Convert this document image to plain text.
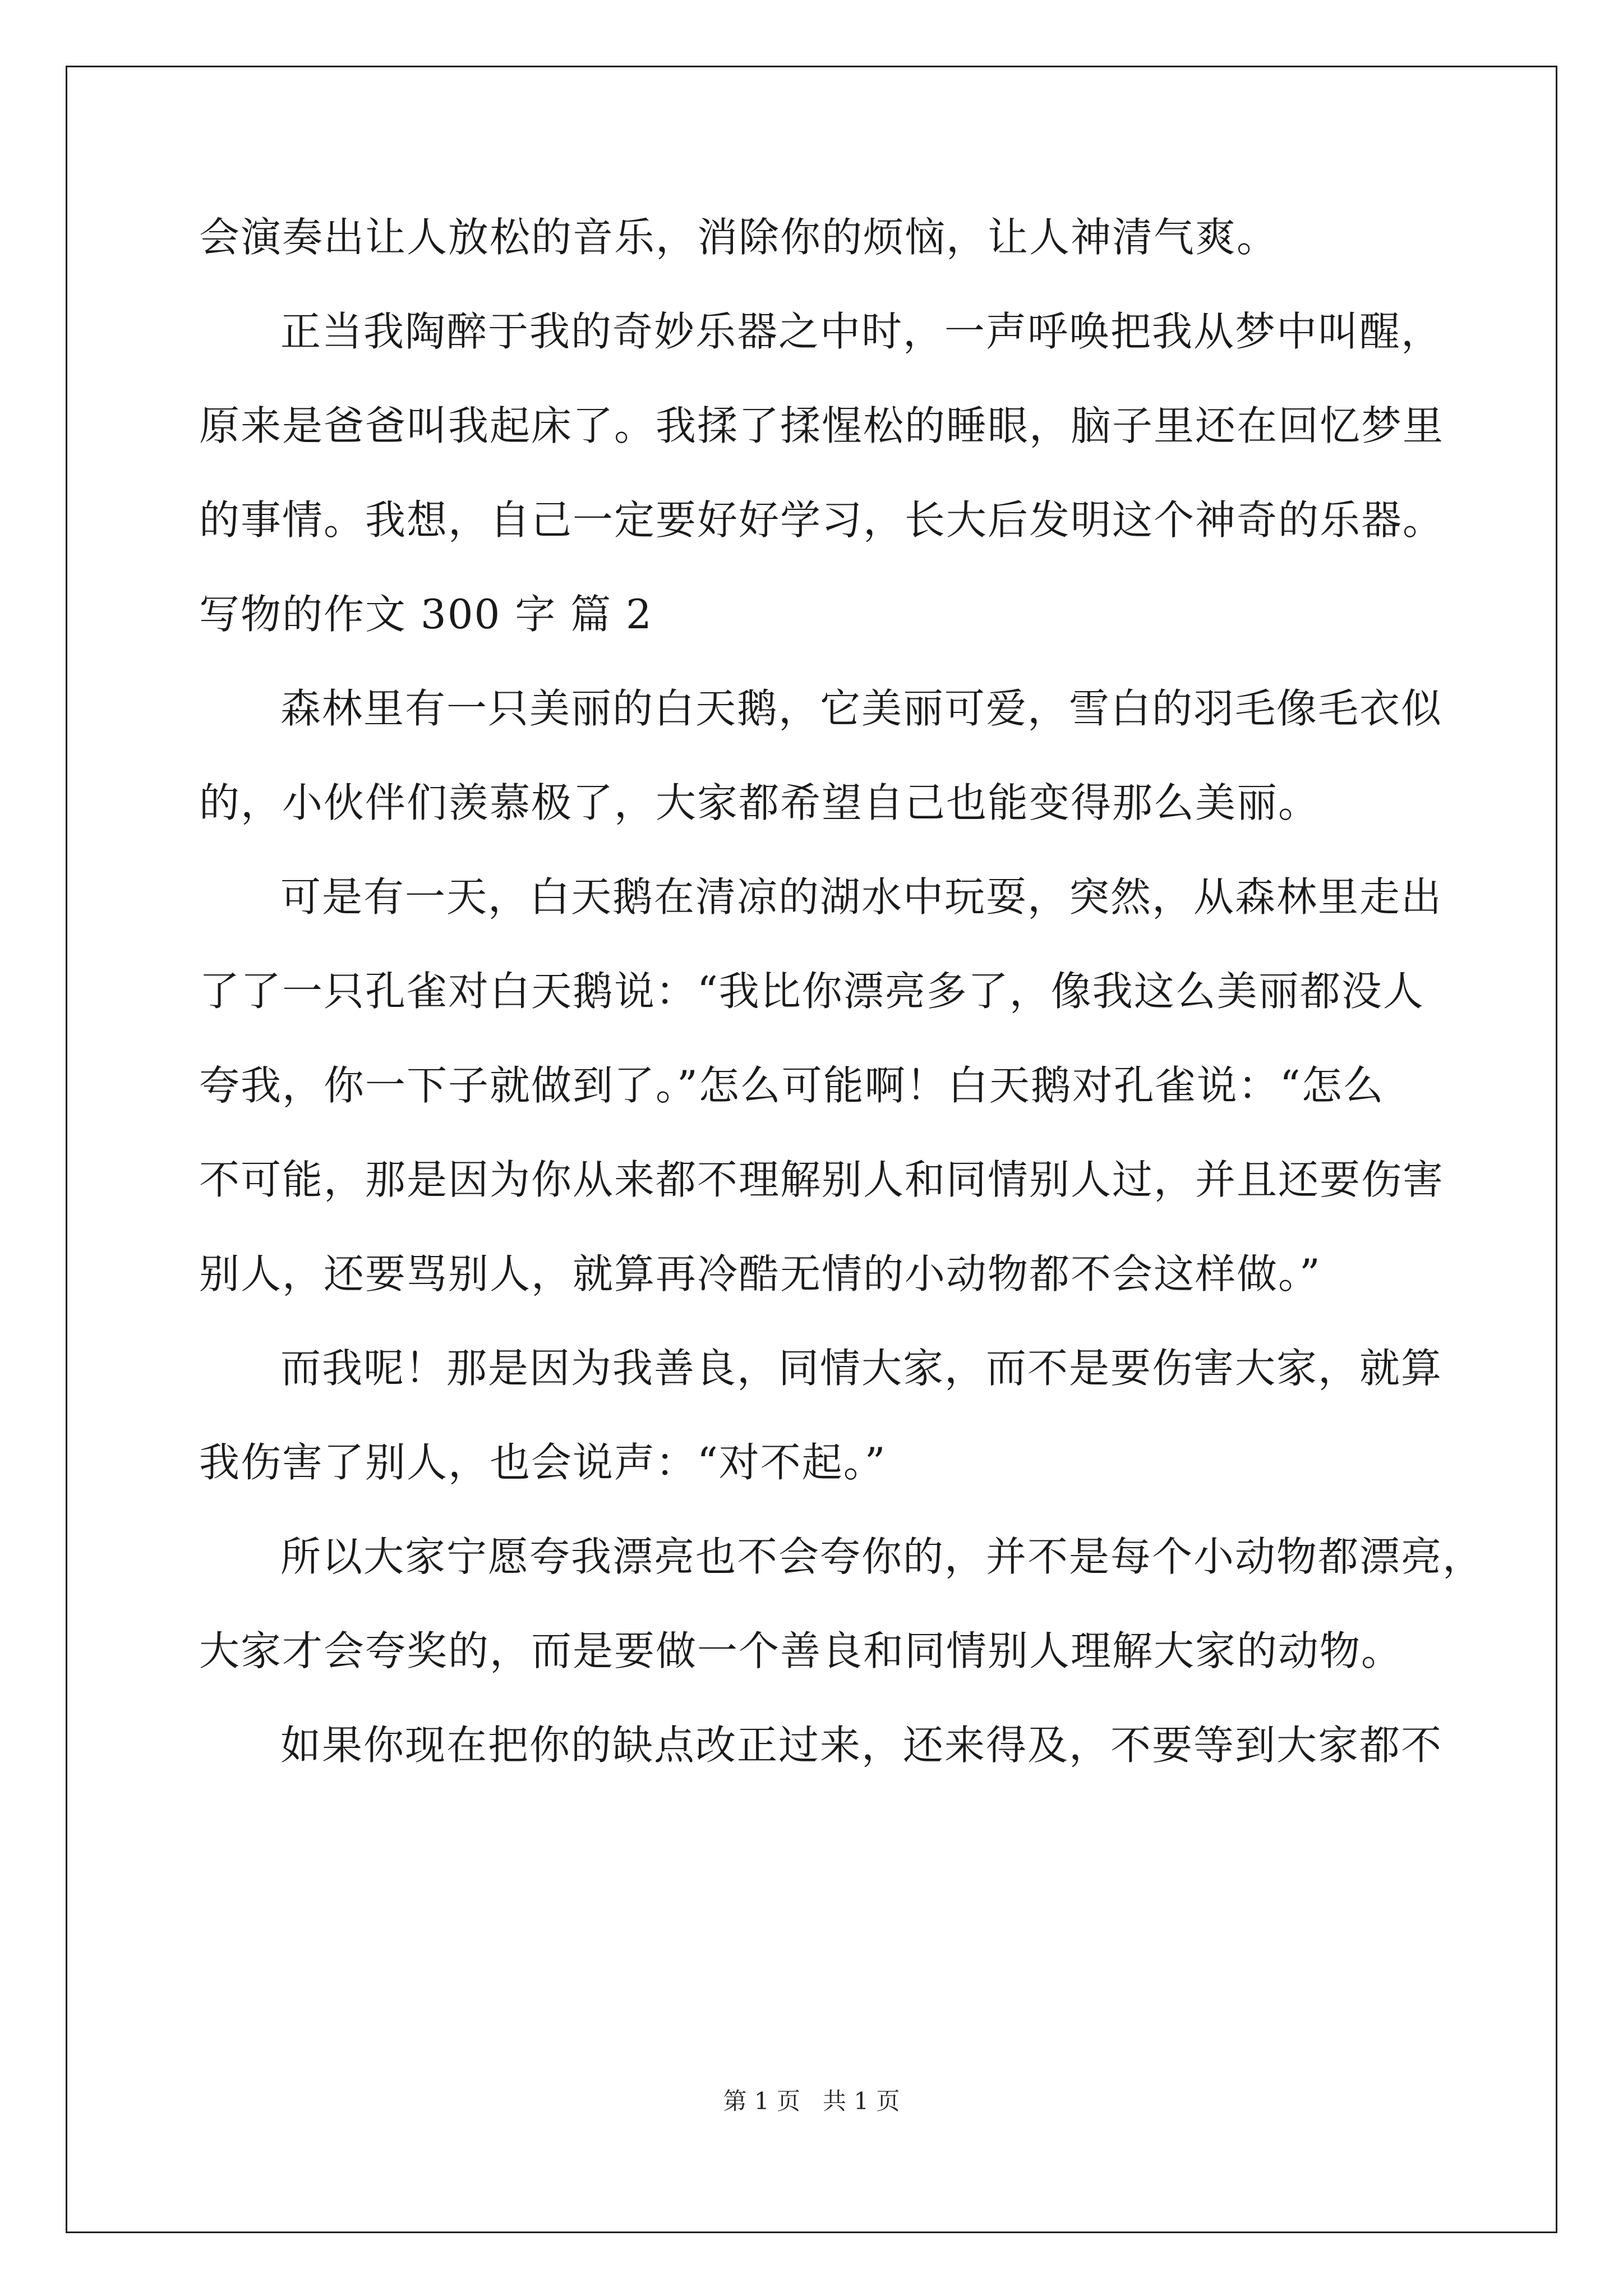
会演奏出让人放松的音乐，消除你的烦恼，让人神清气爽。
正当我陶醉于我的奇妙乐器之中时，一声呼唤把我从梦中叫醒，
原来是爸爸叫我起床了。我揉了揉惺松的睡眼，脑子里还在回忆梦里
的事情。我想，自己一定要好好学习，长大后发明这个神奇的乐器。
写物的作文 300 字 篇 2
森林里有一只美丽的白天鹅，它美丽可爱，雪白的羽毛像毛衣似
的，小伙伴们羡慕极了，大家都希望自己也能变得那么美丽。
可是有一天，白天鹅在清凉的湖水中玩耍，突然，从森林里走出
了了一只孔雀对白天鹅说：“我比你漂亮多了，像我这么美丽都没人
夸我，你一下子就做到了。”怎么可能啊！白天鹅对孔雀说：“怎么
不可能，那是因为你从来都不理解别人和同情别人过，并且还要伤害
别人，还要骂别人，就算再冷酷无情的小动物都不会这样做。”
而我呢！那是因为我善良，同情大家，而不是要伤害大家，就算
我伤害了别人，也会说声：“对不起。”
所以大家宁愿夸我漂亮也不会夸你的，并不是每个小动物都漂亮，
大家才会夸奖的，而是要做一个善良和同情别人理解大家的动物。
如果你现在把你的缺点改正过来，还来得及，不要等到大家都不
第 1 页   共 1 页
